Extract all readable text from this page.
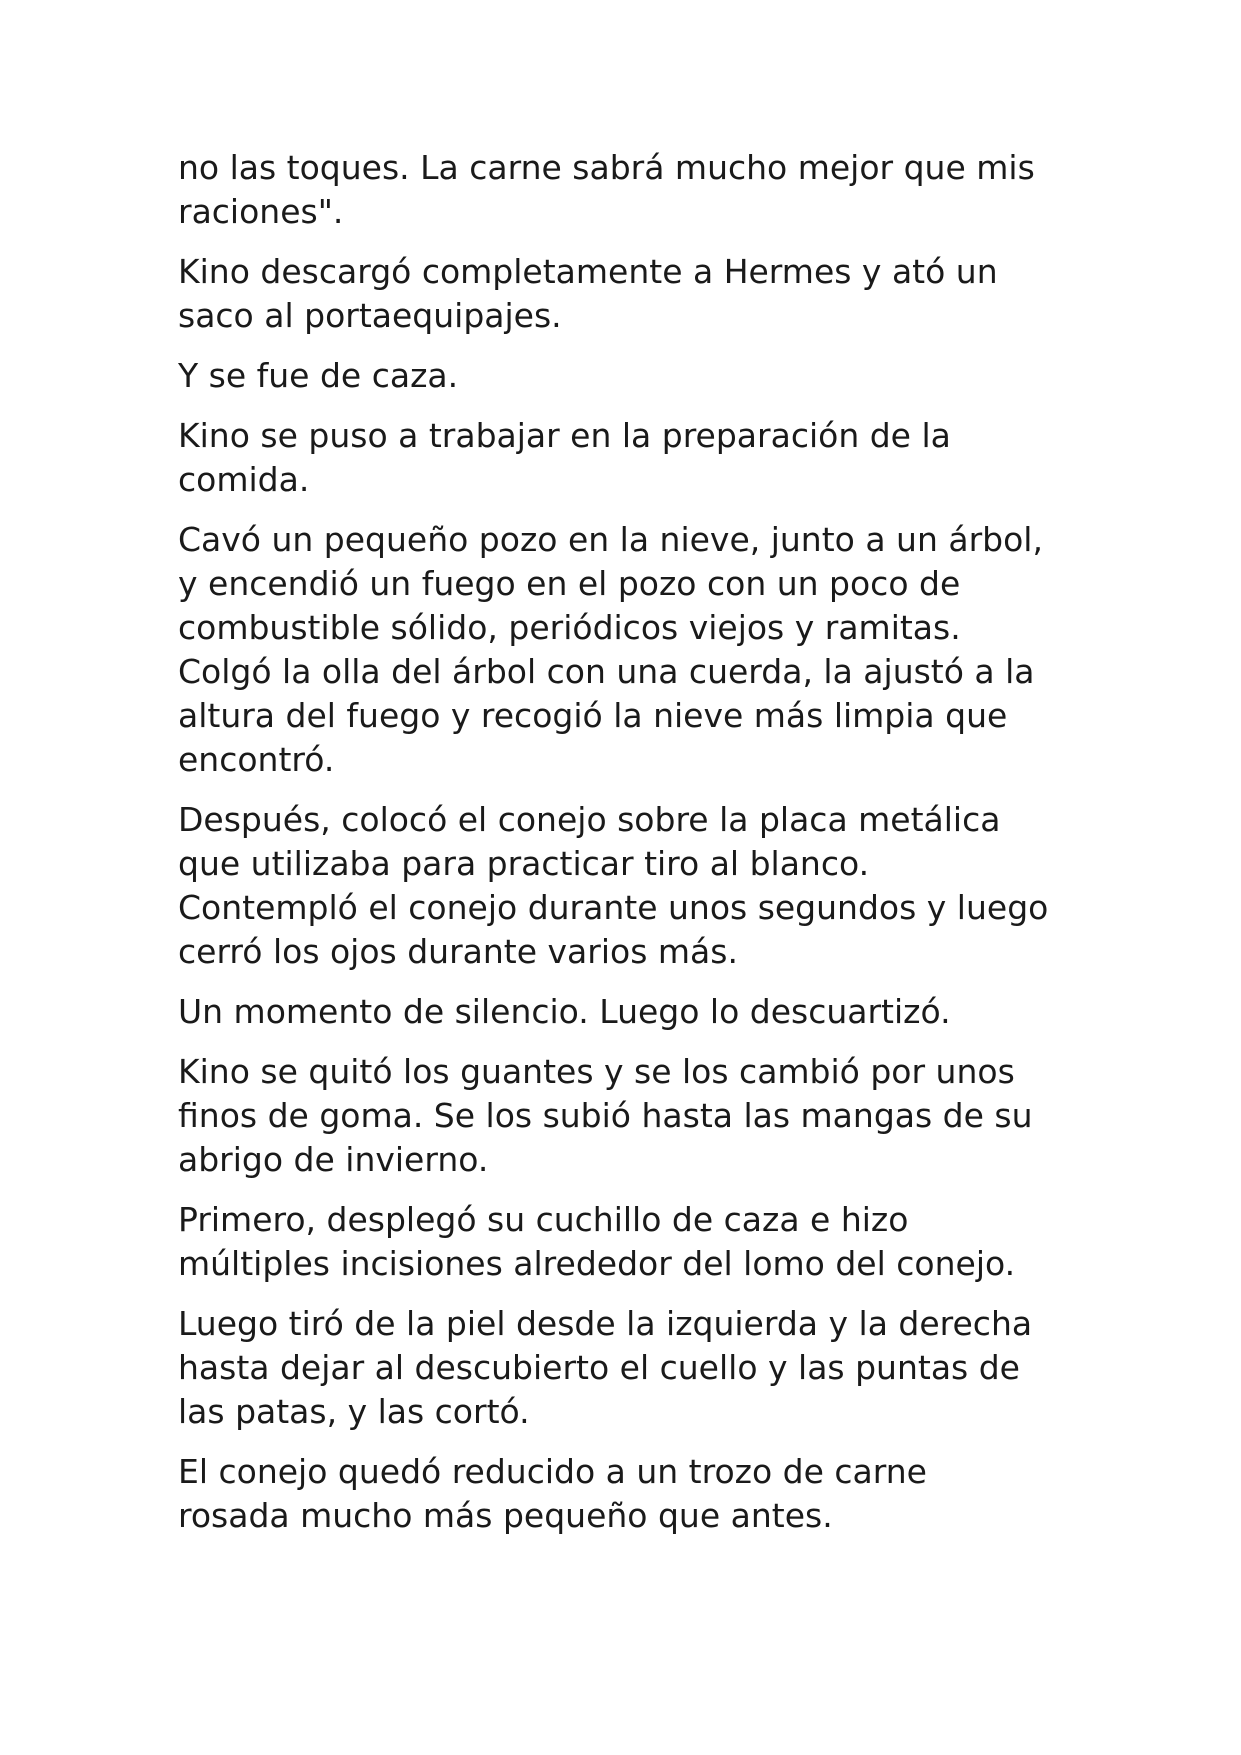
no las toques. La carne sabrá mucho mejor que mis
raciones".

Kino descargó completamente a Hermes y ató un
saco al portaequipajes.

Y se fue de caza.

Kino se puso a trabajar en la preparación de la
comida.

Cavó un pequeño pozo en la nieve, junto a un árbol,
y encendió un fuego en el pozo con un poco de
combustible sólido, periódicos viejos y ramitas.
Colgó la olla del árbol con una cuerda, la ajustó a la
altura del fuego y recogió la nieve más limpia que
encontró.

Después, colocó el conejo sobre la placa metálica
que utilizaba para practicar tiro al blanco.
Contempló el conejo durante unos segundos y luego
cerró los ojos durante varios más.

Un momento de silencio. Luego lo descuartizó.

Kino se quitó los guantes y se los cambió por unos
finos de goma. Se los subió hasta las mangas de su
abrigo de invierno.

Primero, desplegó su cuchillo de caza e hizo
múltiples incisiones alrededor del lomo del conejo.

Luego tiró de la piel desde la izquierda y la derecha
hasta dejar al descubierto el cuello y las puntas de
las patas, y las cortó.

El conejo quedó reducido a un trozo de carne
rosada mucho más pequeño que antes.
